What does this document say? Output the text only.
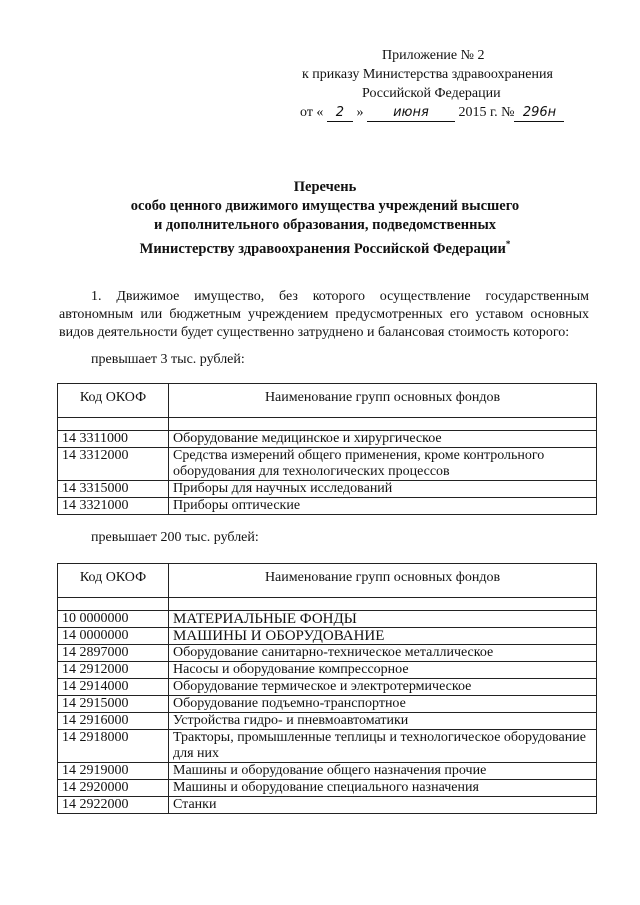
Приложение № 2
к приказу Министерства здравоохранения
Российской Федерации
от « 2 » июня 2015 г. № 296н
Перечень
особо ценного движимого имущества учреждений высшего
и дополнительного образования, подведомственных
Министерству здравоохранения Российской Федерации*
1. Движимое имущество, без которого осуществление государственным автономным или бюджетным учреждением предусмотренных его уставом основных видов деятельности будет существенно затруднено и балансовая стоимость которого:
превышает 3 тыс. рублей:
Код ОКОФ	Наименование групп основных фондов

14 3311000	Оборудование медицинское и хирургическое
14 3312000	Средства измерений общего применения, кроме контрольного оборудования для технологических процессов
14 3315000	Приборы для научных исследований
14 3321000	Приборы оптические
превышает 200 тыс. рублей:
Код ОКОФ	Наименование групп основных фондов

10 0000000	МАТЕРИАЛЬНЫЕ ФОНДЫ
14 0000000	МАШИНЫ И ОБОРУДОВАНИЕ
14 2897000	Оборудование санитарно-техническое металлическое
14 2912000	Насосы и оборудование компрессорное
14 2914000	Оборудование термическое и электротермическое
14 2915000	Оборудование подъемно-транспортное
14 2916000	Устройства гидро- и пневмоавтоматики
14 2918000	Тракторы, промышленные теплицы и технологическое оборудование для них
14 2919000	Машины и оборудование общего назначения прочие
14 2920000	Машины и оборудование специального назначения
14 2922000	Станки
